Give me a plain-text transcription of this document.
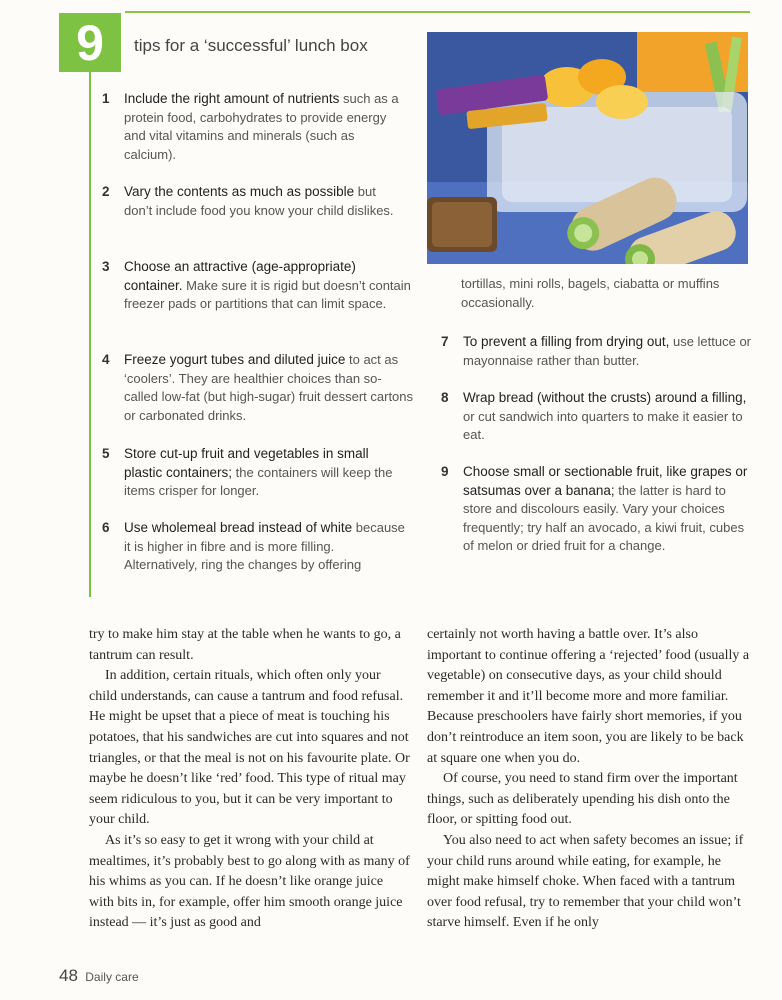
9	tips for a ‘successful’ lunch box
1 Include the right amount of nutrients such as a protein food, carbohydrates to provide energy and vital vitamins and minerals (such as calcium).
2 Vary the contents as much as possible but don’t include food you know your child dislikes.
3 Choose an attractive (age-appropriate) container. Make sure it is rigid but doesn’t contain freezer pads or partitions that can limit space.
4 Freeze yogurt tubes and diluted juice to act as ‘coolers’. They are healthier choices than so-called low-fat (but high-sugar) fruit dessert cartons or carbonated drinks.
5 Store cut-up fruit and vegetables in small plastic containers; the containers will keep the items crisper for longer.
6 Use wholemeal bread instead of white because it is higher in fibre and is more filling. Alternatively, ring the changes by offering

tortillas, mini rolls, bagels, ciabatta or muffins occasionally.

7 To prevent a filling from drying out, use lettuce or mayonnaise rather than butter.
8 Wrap bread (without the crusts) around a filling, or cut sandwich into quarters to make it easier to eat.
9 Choose small or sectionable fruit, like grapes or satsumas over a banana; the latter is hard to store and discolours easily. Vary your choices frequently; try half an avocado, a kiwi fruit, cubes of melon or dried fruit for a change.

try to make him stay at the table when he wants to go, a tantrum can result.

In addition, certain rituals, which often only your child understands, can cause a tantrum and food refusal. He might be upset that a piece of meat is touching his potatoes, that his sandwiches are cut into squares and not triangles, or that the meal is not on his favourite plate. Or maybe he doesn’t like ‘red’ food. This type of ritual may seem ridiculous to you, but it can be very important to your child.

As it’s so easy to get it wrong with your child at mealtimes, it’s probably best to go along with as many of his whims as you can. If he doesn’t like orange juice with bits in, for example, offer him smooth orange juice instead — it’s just as good and

certainly not worth having a battle over. It’s also important to continue offering a ‘rejected’ food (usually a vegetable) on consecutive days, as your child should remember it and it’ll become more and more familiar. Because preschoolers have fairly short memories, if you don’t reintroduce an item soon, you are likely to be back at square one when you do.

Of course, you need to stand firm over the important things, such as deliberately upending his dish onto the floor, or spitting food out.

You also need to act when safety becomes an issue; if your child runs around while eating, for example, he might make himself choke. When faced with a tantrum over food refusal, try to remember that your child won’t starve himself. Even if he only

48 Daily care
